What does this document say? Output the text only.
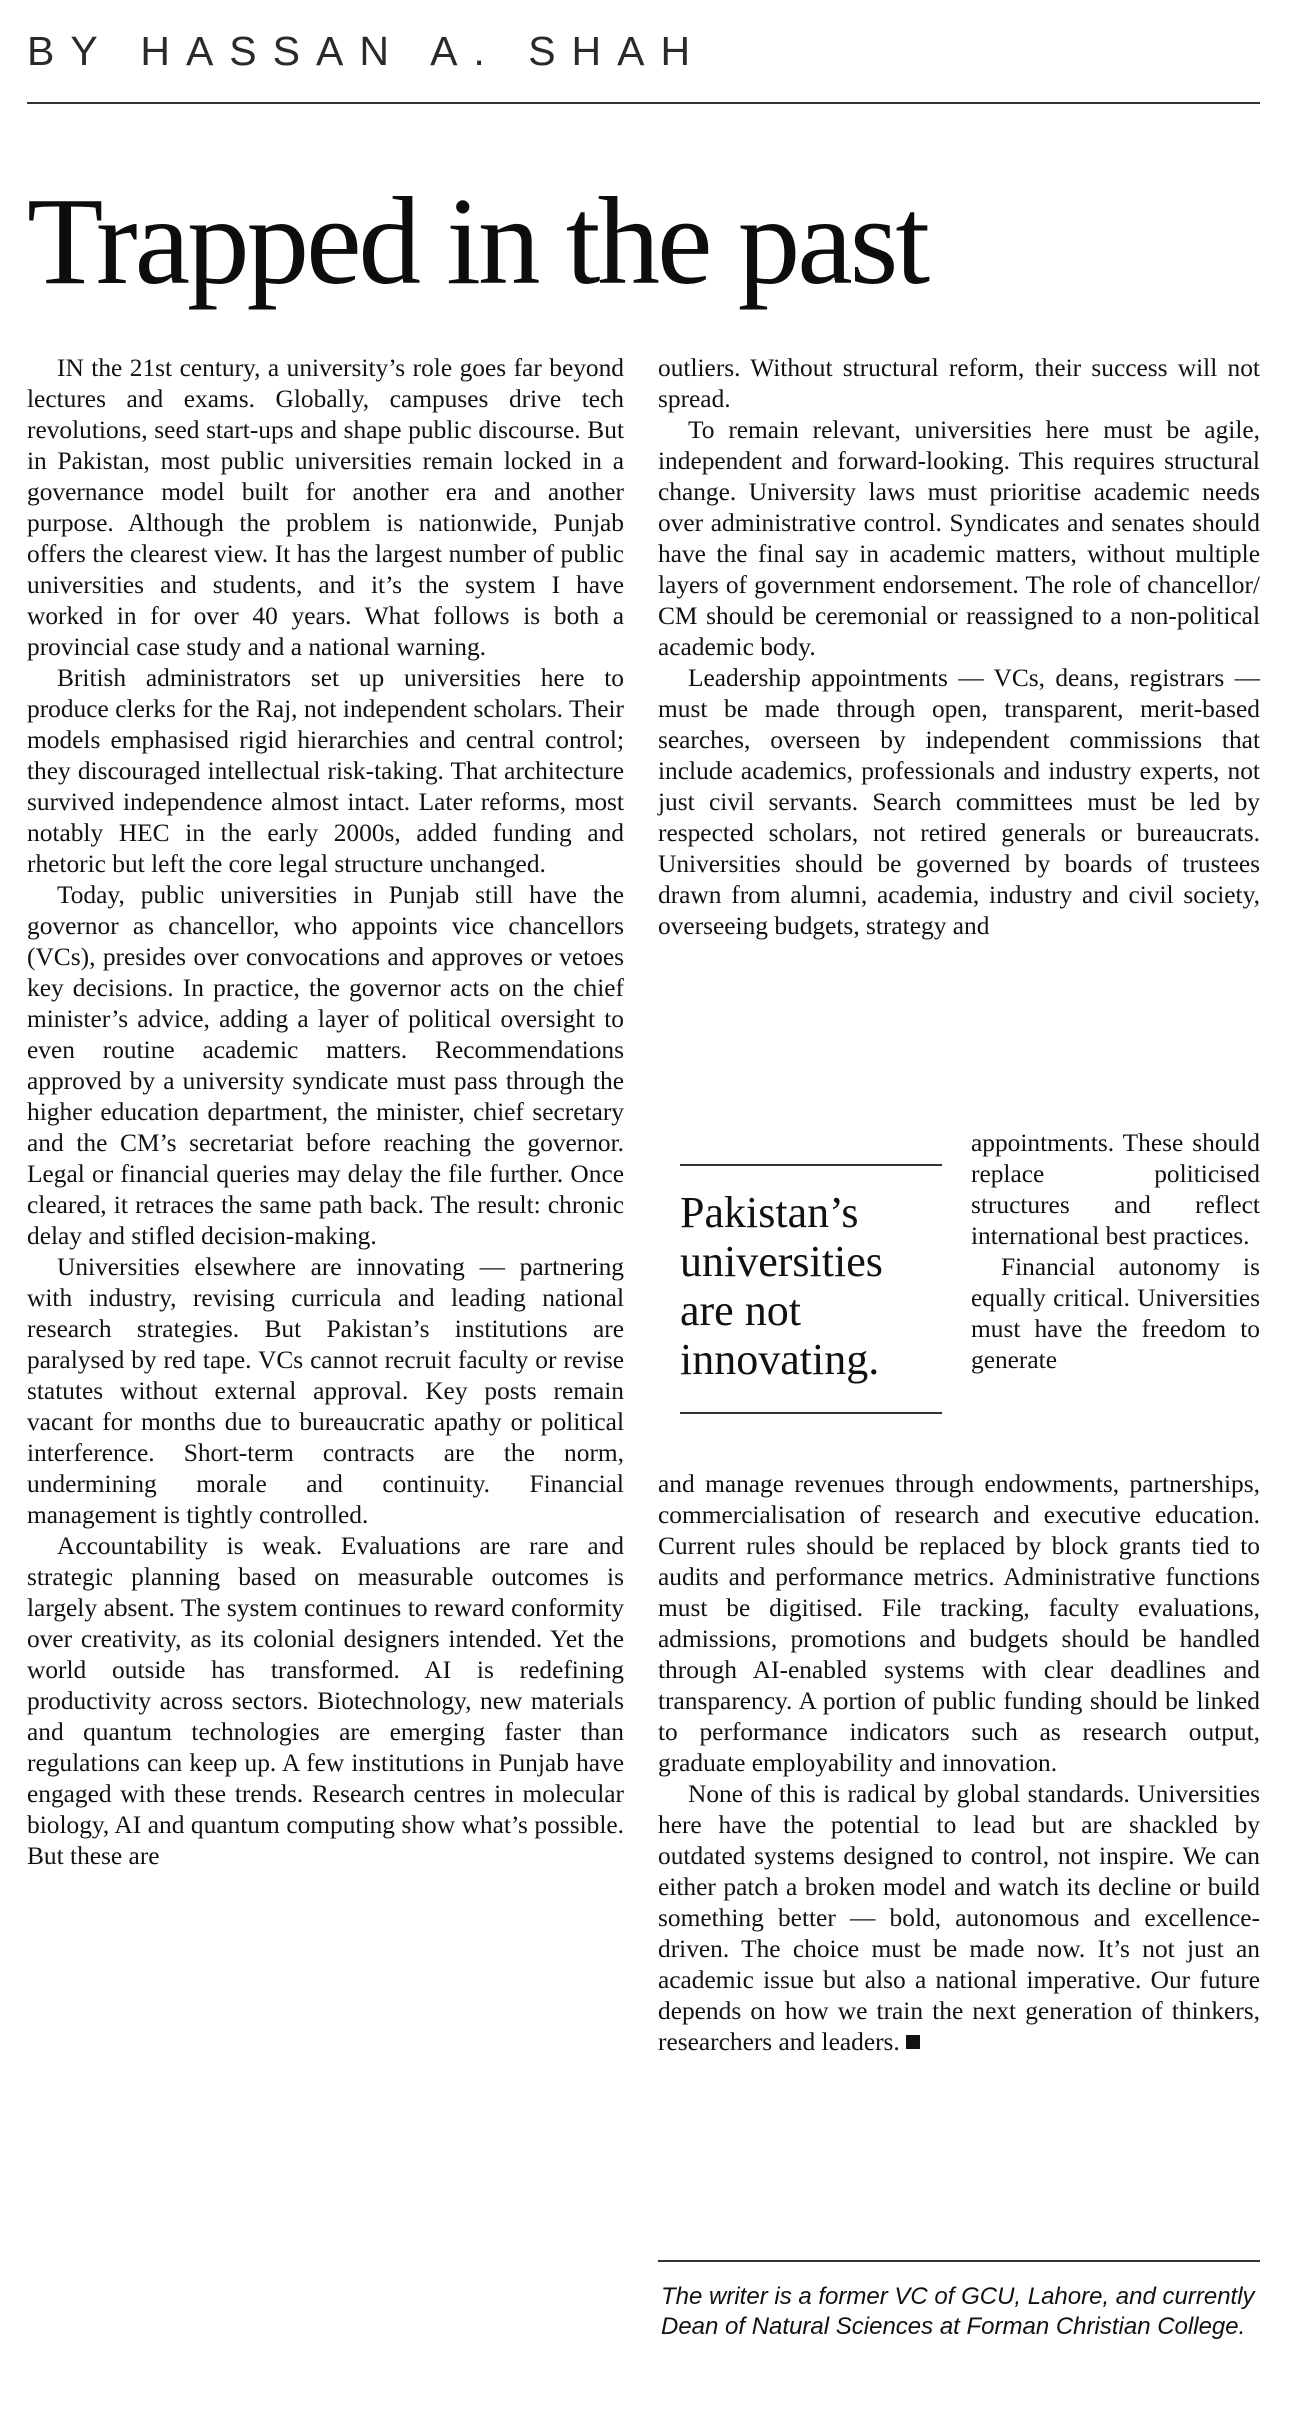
BY HASSAN A. SHAH
Trapped in the past

IN the 21st century, a university’s role goes far beyond lectures and exams. Globally, campuses drive tech revolutions, seed start-ups and shape public discourse. But in Pakistan, most public universities remain locked in a governance model built for another era and another purpose. Although the problem is nationwide, Punjab offers the clearest view. It has the largest number of public universities and students, and it’s the system I have worked in for over 40 years. What follows is both a provincial case study and a national warning.

British administrators set up universities here to produce clerks for the Raj, not independent scholars. Their models emphasised rigid hierarchies and central control; they discouraged intellectual risk-taking. That architecture survived independence almost intact. Later reforms, most notably HEC in the early 2000s, added funding and rhetoric but left the core legal structure unchanged.

Today, public universities in Punjab still have the governor as chancellor, who appoints vice chancellors (VCs), presides over convocations and approves or vetoes key decisions. In practice, the governor acts on the chief minister’s advice, adding a layer of political oversight to even routine academic matters. Recommendations approved by a university syndicate must pass through the higher education department, the minister, chief secretary and the CM’s secretariat before reaching the governor. Legal or financial queries may delay the file further. Once cleared, it retraces the same path back. The result: chronic delay and stifled decision-making.

Universities elsewhere are innovating — partnering with industry, revising curricula and leading national research strategies. But Pakistan’s institutions are paralysed by red tape. VCs cannot recruit faculty or revise statutes without external approval. Key posts remain vacant for months due to bureaucratic apathy or political interference. Short-term contracts are the norm, undermining morale and continuity. Financial management is tightly controlled.

Accountability is weak. Evaluations are rare and strategic planning based on measurable outcomes is largely absent. The system continues to reward conformity over creativity, as its colonial designers intended. Yet the world outside has transformed. AI is redefining productivity across sectors. Biotechnology, new materials and quantum technologies are emerging faster than regulations can keep up. A few institutions in Punjab have engaged with these trends. Research centres in molecular biology, AI and quantum computing show what’s possible. But these are

outliers. Without structural reform, their success will not spread.

To remain relevant, universities here must be agile, independent and forward-looking. This requires structural change. University laws must prioritise academic needs over administrative control. Syndicates and senates should have the final say in academic matters, without multiple layers of government endorsement. The role of chancellor/ CM should be ceremonial or reassigned to a non-political academic body.

Leadership appointments — VCs, deans, registrars — must be made through open, transparent, merit-based searches, overseen by independent commissions that include academics, professionals and industry experts, not just civil servants. Search committees must be led by respected scholars, not retired generals or bureaucrats. Universities should be governed by boards of trustees drawn from alumni, academia, industry and civil society, overseeing budgets, strategy and

Pakistan’s
universities
are not
innovating.

appointments. These should replace politicised structures and reflect international best practices.

Financial autonomy is equally critical. Universities must have the freedom to generate

and manage revenues through endowments, partnerships, commercialisation of research and executive education. Current rules should be replaced by block grants tied to audits and performance metrics. Administrative functions must be digitised. File tracking, faculty evaluations, admissions, promotions and budgets should be handled through AI-enabled systems with clear deadlines and transparency. A portion of public funding should be linked to performance indicators such as research output, graduate employability and innovation.

None of this is radical by global standards. Universities here have the potential to lead but are shackled by outdated systems designed to control, not inspire. We can either patch a broken model and watch its decline or build something better — bold, autonomous and excellence-driven. The choice must be made now. It’s not just an academic issue but also a national imperative. Our future depends on how we train the next generation of thinkers, researchers and leaders.

The writer is a former VC of GCU, Lahore, and currently Dean of Natural Sciences at Forman Christian College.
